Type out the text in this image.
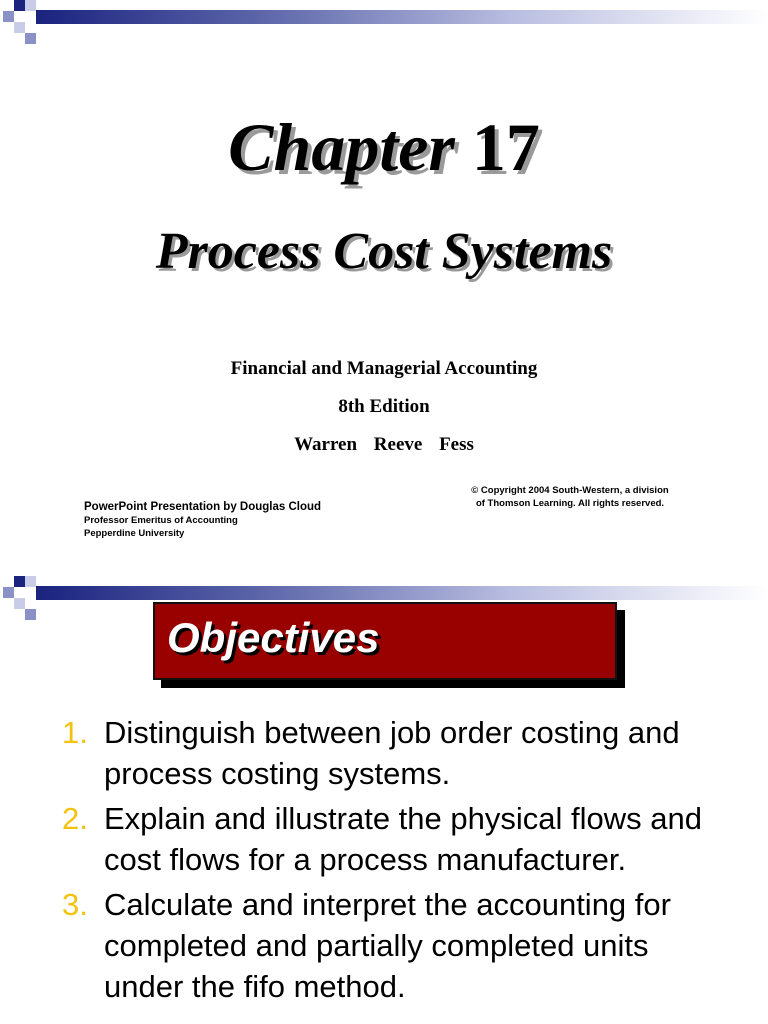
Chapter 17
Process Cost Systems
Financial and Managerial Accounting
8th Edition
Warren Reeve Fess
PowerPoint Presentation by Douglas Cloud
Professor Emeritus of Accounting
Pepperdine University
© Copyright 2004 South-Western, a division
of Thomson Learning. All rights reserved.
Objectives
1. Distinguish between job order costing and process costing systems.
2. Explain and illustrate the physical flows and cost flows for a process manufacturer.
3. Calculate and interpret the accounting for completed and partially completed units under the fifo method.
